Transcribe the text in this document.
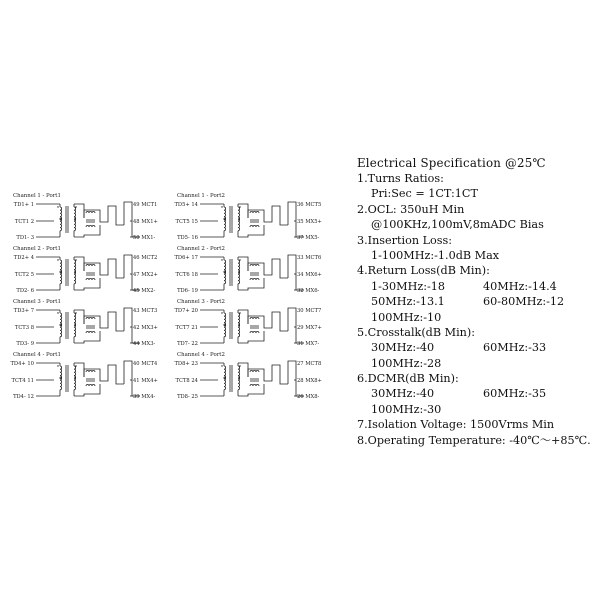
Channel 1 - Port1
TD1+ 1
TCT1 2
TD1- 3
49 MCT1
48 MX1+
50 MX1-
Channel 1 - Port2
TD5+ 14
TCT5 15
TD5- 16
36 MCT5
35 MX5+
37 MX5-
Channel 2 - Port1
TD2+ 4
TCT2 5
TD2- 6
46 MCT2
47 MX2+
45 MX2-
Channel 2 - Port2
TD6+ 17
TCT6 18
TD6- 19
33 MCT6
34 MX6+
32 MX6-
Channel 3 - Port1
TD3+ 7
TCT3 8
TD3- 9
43 MCT3
42 MX3+
44 MX3-
Channel 3 - Port2
TD7+ 20
TCT7 21
TD7- 22
30 MCT7
29 MX7+
31 MX7-
Channel 4 - Port1
TD4+ 10
TCT4 11
TD4- 12
40 MCT4
41 MX4+
39 MX4-
Channel 4 - Port2
TD8+ 23
TCT8 24
TD8- 25
27 MCT8
28 MX8+
26 MX8-
Electrical Specification @25℃
1.Turns Ratios:
Pri:Sec = 1CT:1CT
2.OCL: 350uH Min
@100KHz,100mV,8mADC Bias
3.Insertion Loss:
1-100MHz:-1.0dB Max
4.Return Loss(dB Min):
1-30MHz:-18	40MHz:-14.4
50MHz:-13.1	60-80MHz:-12
100MHz:-10
5.Crosstalk(dB Min):
30MHz:-40	60MHz:-33
100MHz:-28
6.DCMR(dB Min):
30MHz:-40	60MHz:-35
100MHz:-30
7.Isolation Voltage: 1500Vrms Min
8.Operating Temperature: -40℃～+85℃.
